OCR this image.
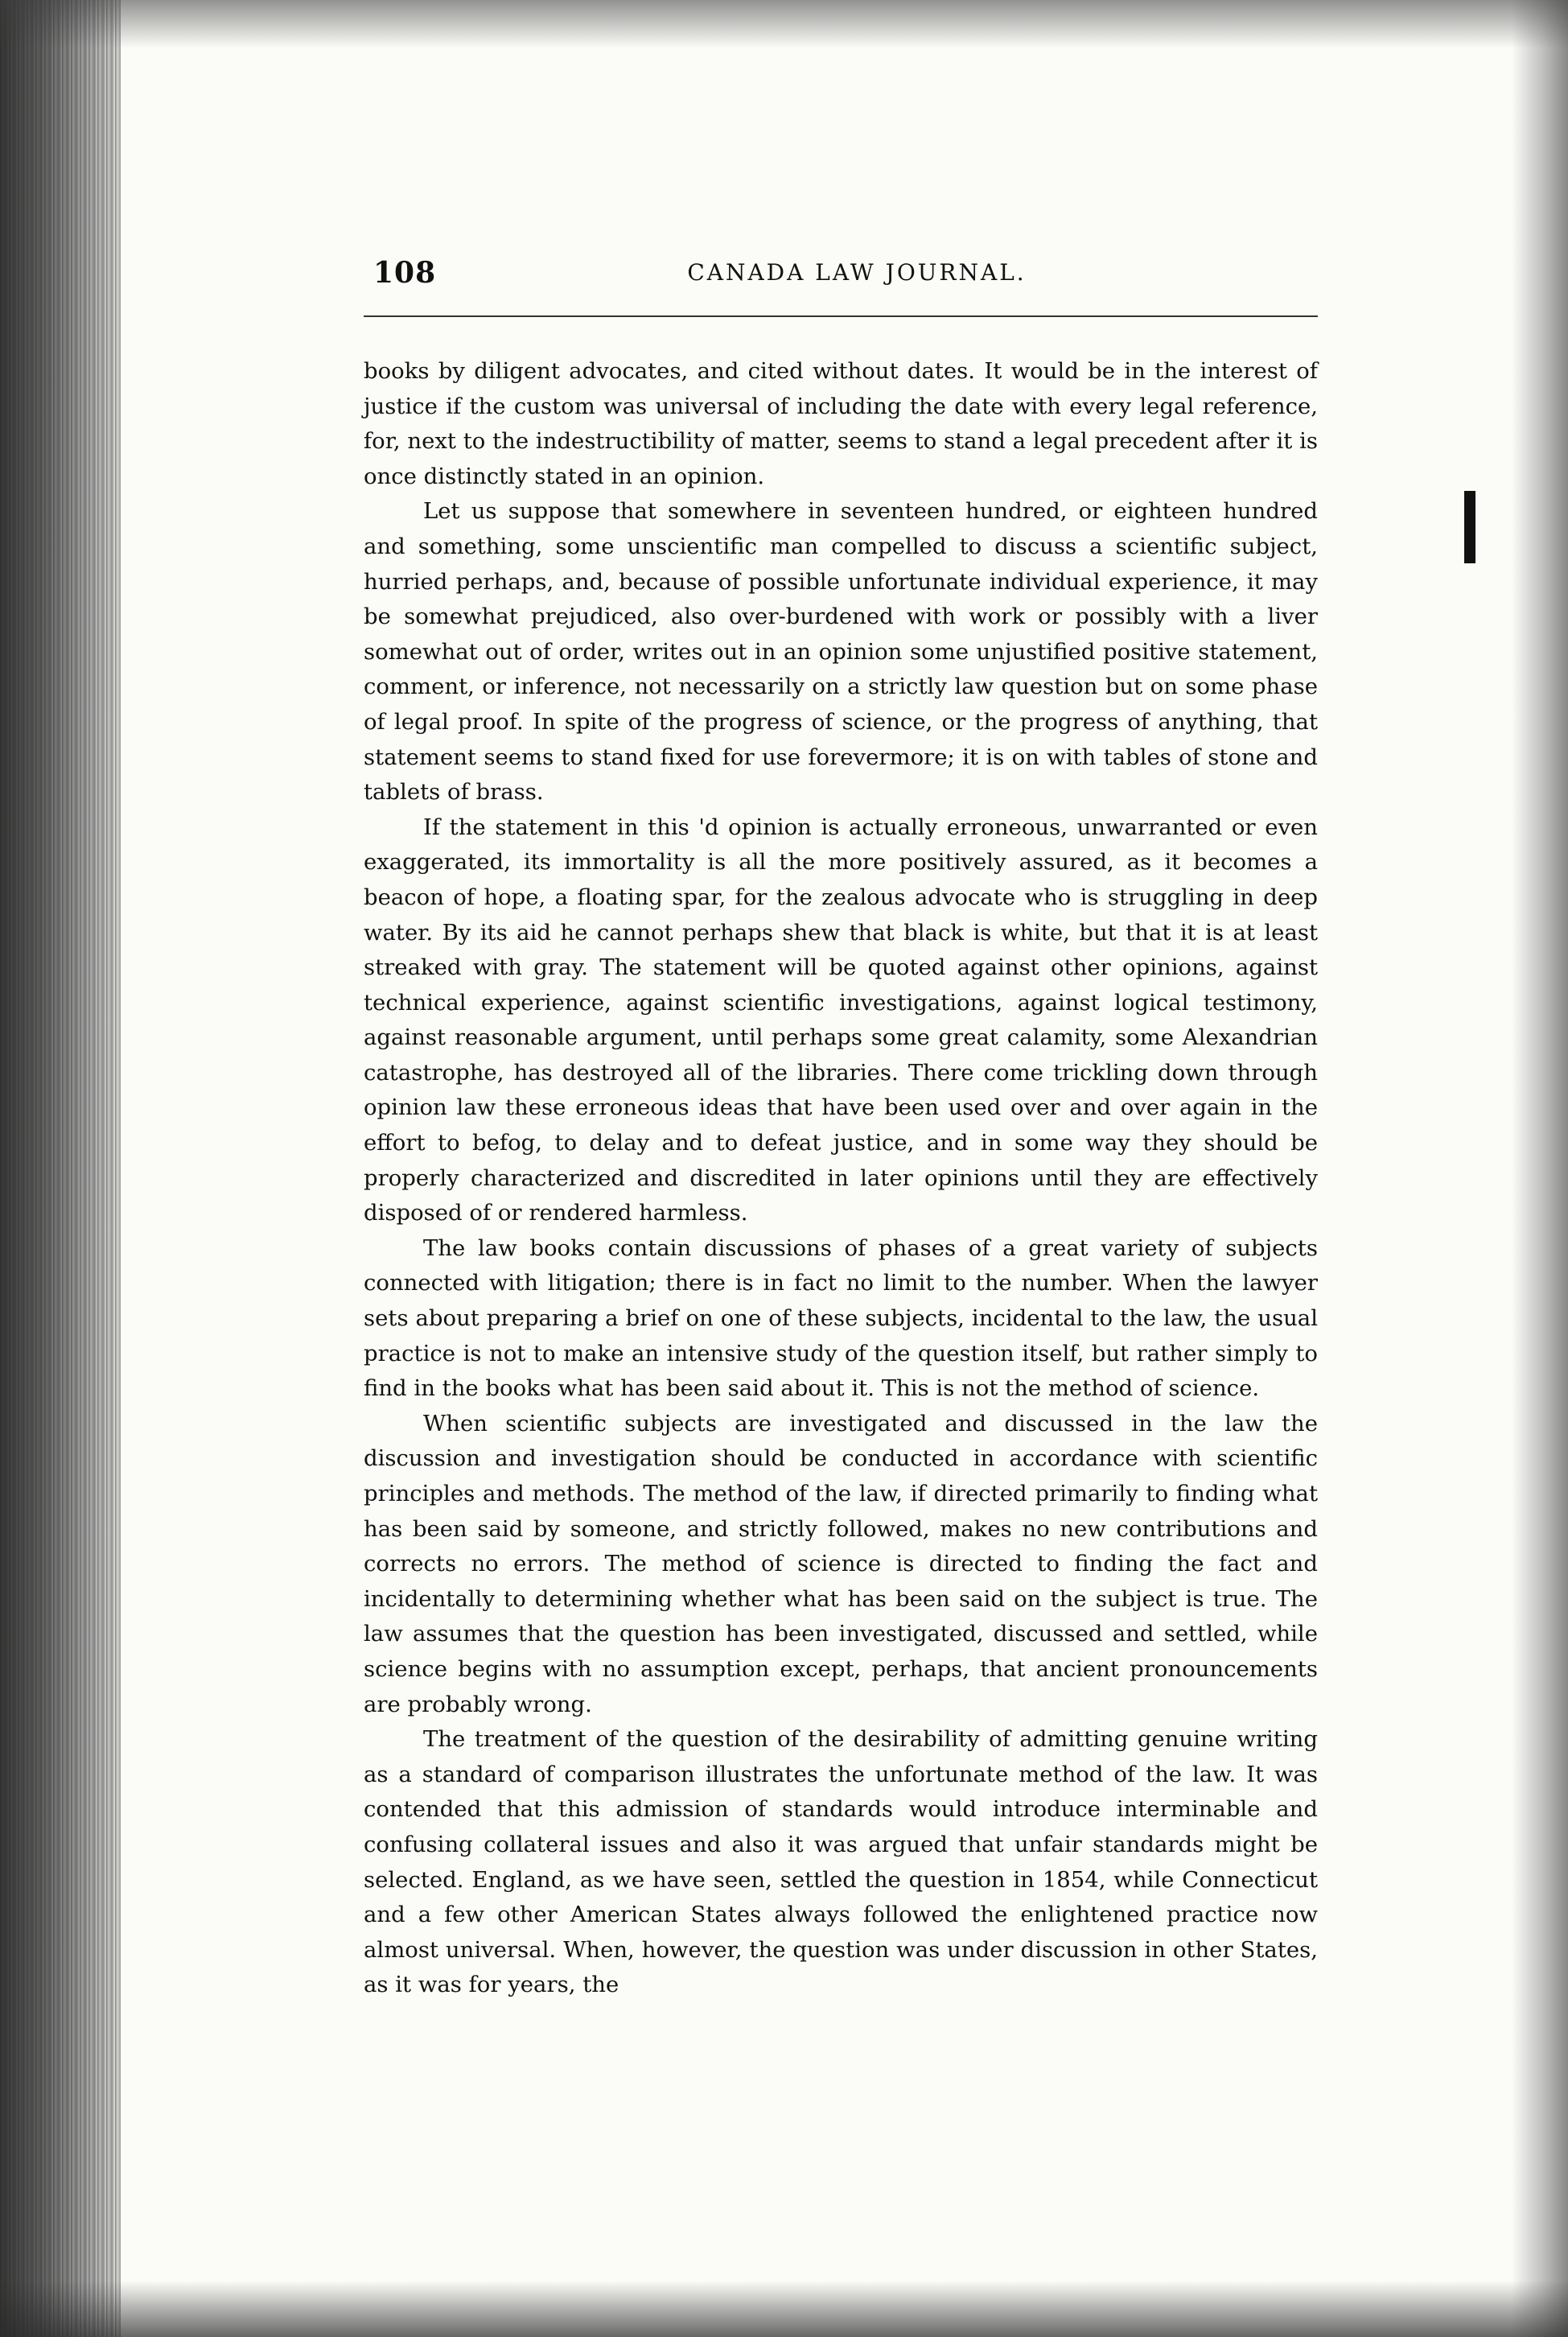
108	CANADA LAW JOURNAL.

books by diligent advocates, and cited without dates. It would be in the interest of justice if the custom was universal of including the date with every legal reference, for, next to the indestructibility of matter, seems to stand a legal precedent after it is once distinctly stated in an opinion.

Let us suppose that somewhere in seventeen hundred, or eighteen hundred and something, some unscientific man compelled to discuss a scientific subject, hurried perhaps, and, because of possible unfortunate individual experience, it may be somewhat prejudiced, also over-burdened with work or possibly with a liver somewhat out of order, writes out in an opinion some unjustified positive statement, comment, or inference, not necessarily on a strictly law question but on some phase of legal proof. In spite of the progress of science, or the progress of anything, that statement seems to stand fixed for use forevermore; it is on with tables of stone and tablets of brass.

If the statement in this 'd opinion is actually erroneous, unwarranted or even exaggerated, its immortality is all the more positively assured, as it becomes a beacon of hope, a floating spar, for the zealous advocate who is struggling in deep water. By its aid he cannot perhaps shew that black is white, but that it is at least streaked with gray. The statement will be quoted against other opinions, against technical experience, against scientific investigations, against logical testimony, against reasonable argument, until perhaps some great calamity, some Alexandrian catastrophe, has destroyed all of the libraries. There come trickling down through opinion law these erroneous ideas that have been used over and over again in the effort to befog, to delay and to defeat justice, and in some way they should be properly characterized and discredited in later opinions until they are effectively disposed of or rendered harmless.

The law books contain discussions of phases of a great variety of subjects connected with litigation; there is in fact no limit to the number. When the lawyer sets about preparing a brief on one of these subjects, incidental to the law, the usual practice is not to make an intensive study of the question itself, but rather simply to find in the books what has been said about it. This is not the method of science.

When scientific subjects are investigated and discussed in the law the discussion and investigation should be conducted in accordance with scientific principles and methods. The method of the law, if directed primarily to finding what has been said by someone, and strictly followed, makes no new contributions and corrects no errors. The method of science is directed to finding the fact and incidentally to determining whether what has been said on the subject is true. The law assumes that the question has been investigated, discussed and settled, while science begins with no assumption except, perhaps, that ancient pronouncements are probably wrong.

The treatment of the question of the desirability of admitting genuine writing as a standard of comparison illustrates the unfortunate method of the law. It was contended that this admission of standards would introduce interminable and confusing collateral issues and also it was argued that unfair standards might be selected. England, as we have seen, settled the question in 1854, while Connecticut and a few other American States always followed the enlightened practice now almost universal. When, however, the question was under discussion in other States, as it was for years, the
